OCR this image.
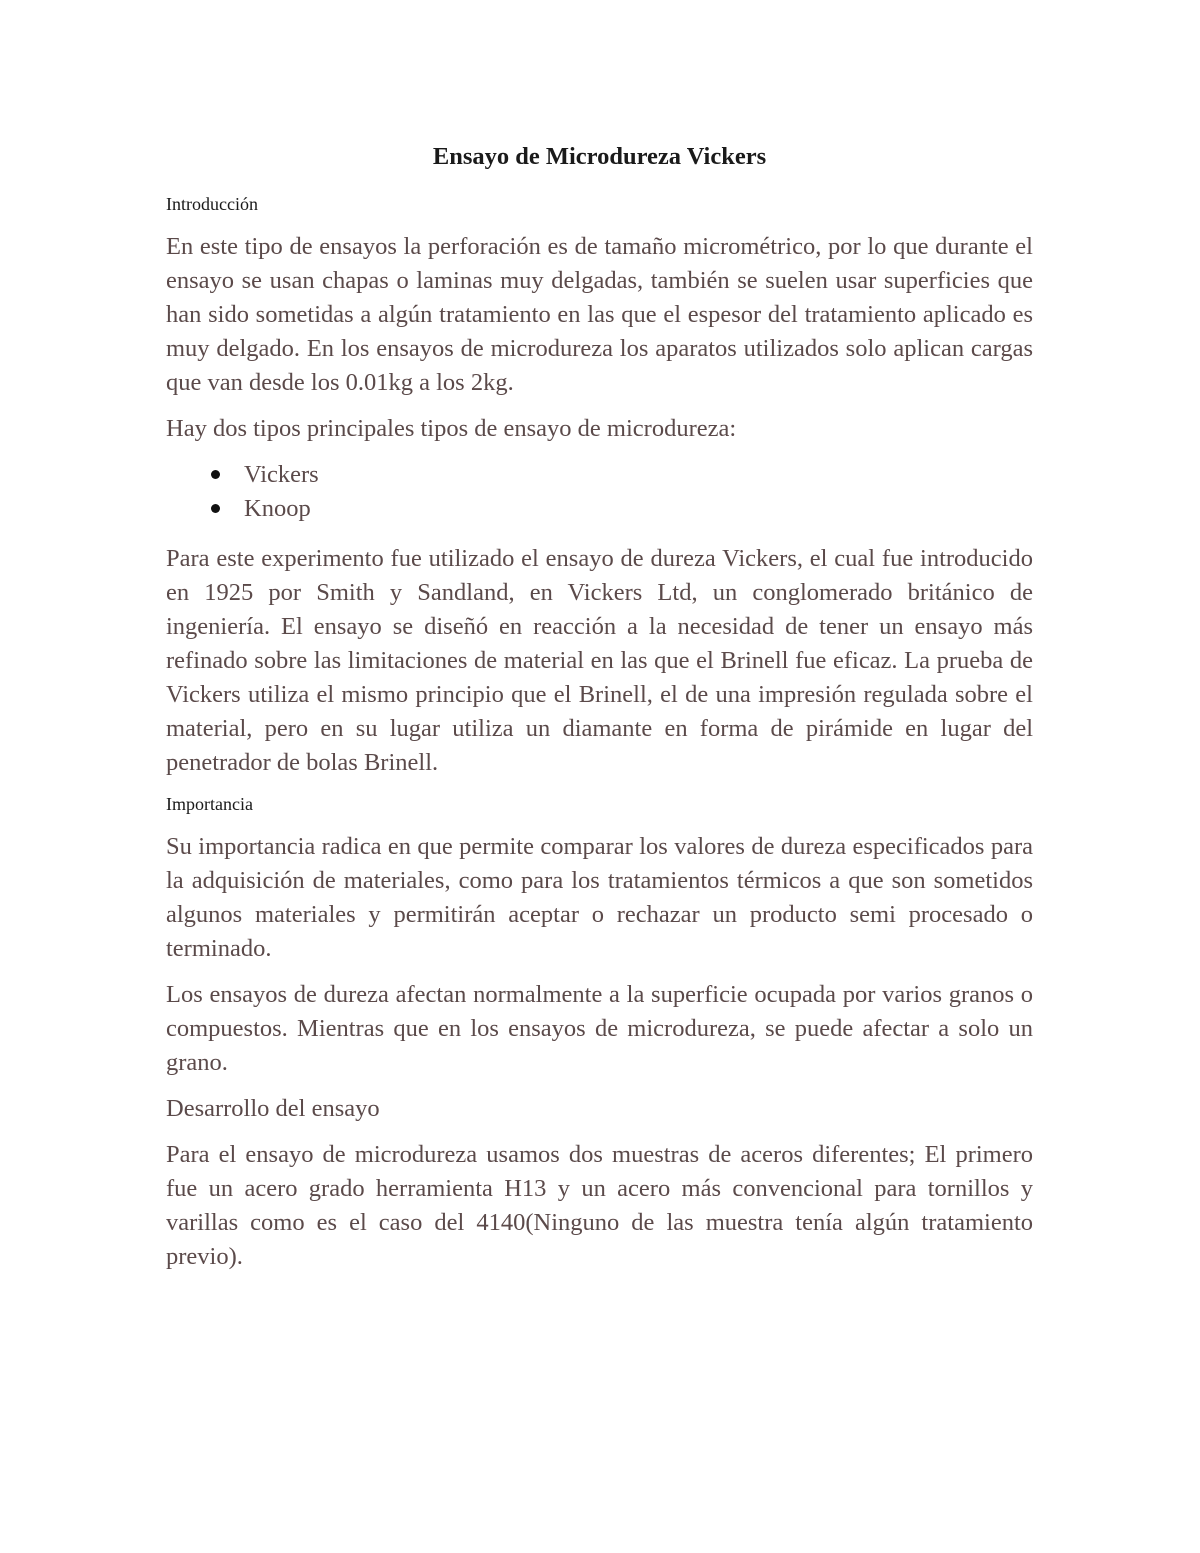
Ensayo de Microdureza Vickers
Introducción

En este tipo de ensayos la perforación es de tamaño micrométrico, por lo que durante el ensayo se usan chapas o laminas muy delgadas, también se suelen usar superficies que han sido sometidas a algún tratamiento en las que el espesor del tratamiento aplicado es muy delgado. En los ensayos de microdureza los aparatos utilizados solo aplican cargas que van desde los 0.01kg a los 2kg.

Hay dos tipos principales tipos de ensayo de microdureza:

Vickers
Knoop

Para este experimento fue utilizado el ensayo de dureza Vickers, el cual fue introducido en 1925 por Smith y Sandland, en Vickers Ltd, un conglomerado británico de ingeniería. El ensayo se diseñó en reacción a la necesidad de tener un ensayo más refinado sobre las limitaciones de material en las que el Brinell fue eficaz. La prueba de Vickers utiliza el mismo principio que el Brinell, el de una impresión regulada sobre el material, pero en su lugar utiliza un diamante en forma de pirámide en lugar del penetrador de bolas Brinell.

Importancia

Su importancia radica en que permite comparar los valores de dureza especificados para la adquisición de materiales, como para los tratamientos térmicos a que son sometidos algunos materiales y permitirán aceptar o rechazar un producto semi procesado o terminado.

Los ensayos de dureza afectan normalmente a la superficie ocupada por varios granos o compuestos. Mientras que en los ensayos de microdureza, se puede afectar a solo un grano.

Desarrollo del ensayo

Para el ensayo de microdureza usamos dos muestras de aceros diferentes; El primero fue un acero grado herramienta H13 y un acero más convencional para tornillos y varillas como es el caso del 4140(Ninguno de las muestra tenía algún tratamiento previo).
